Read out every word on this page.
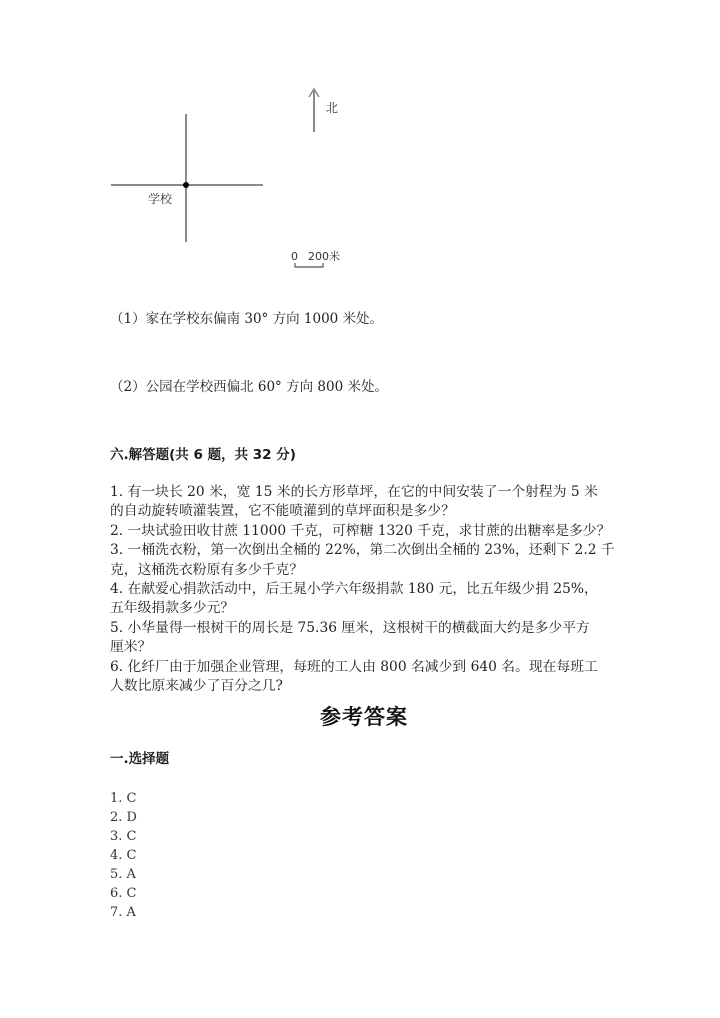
北
学校
0 200米
（1）家在学校东偏南 30° 方向 1000 米处。
（2）公园在学校西偏北 60° 方向 800 米处。
六.解答题(共 6 题，共 32 分)
1. 有一块长 20 米，宽 15 米的长方形草坪，在它的中间安装了一个射程为 5 米
的自动旋转喷灌装置，它不能喷灌到的草坪面积是多少？
2. 一块试验田收甘蔗 11000 千克，可榨糖 1320 千克，求甘蔗的出糖率是多少？
3. 一桶洗衣粉，第一次倒出全桶的 22%，第二次倒出全桶的 23%，还剩下 2.2 千
克，这桶洗衣粉原有多少千克？
4. 在献爱心捐款活动中，后王晁小学六年级捐款 180 元，比五年级少捐 25%，
五年级捐款多少元？
5. 小华量得一根树干的周长是 75.36 厘米，这根树干的横截面大约是多少平方
厘米？
6. 化纤厂由于加强企业管理，每班的工人由 800 名减少到 640 名。现在每班工
人数比原来减少了百分之几?
参考答案
一.选择题
1. C
2. D
3. C
4. C
5. A
6. C
7. A
